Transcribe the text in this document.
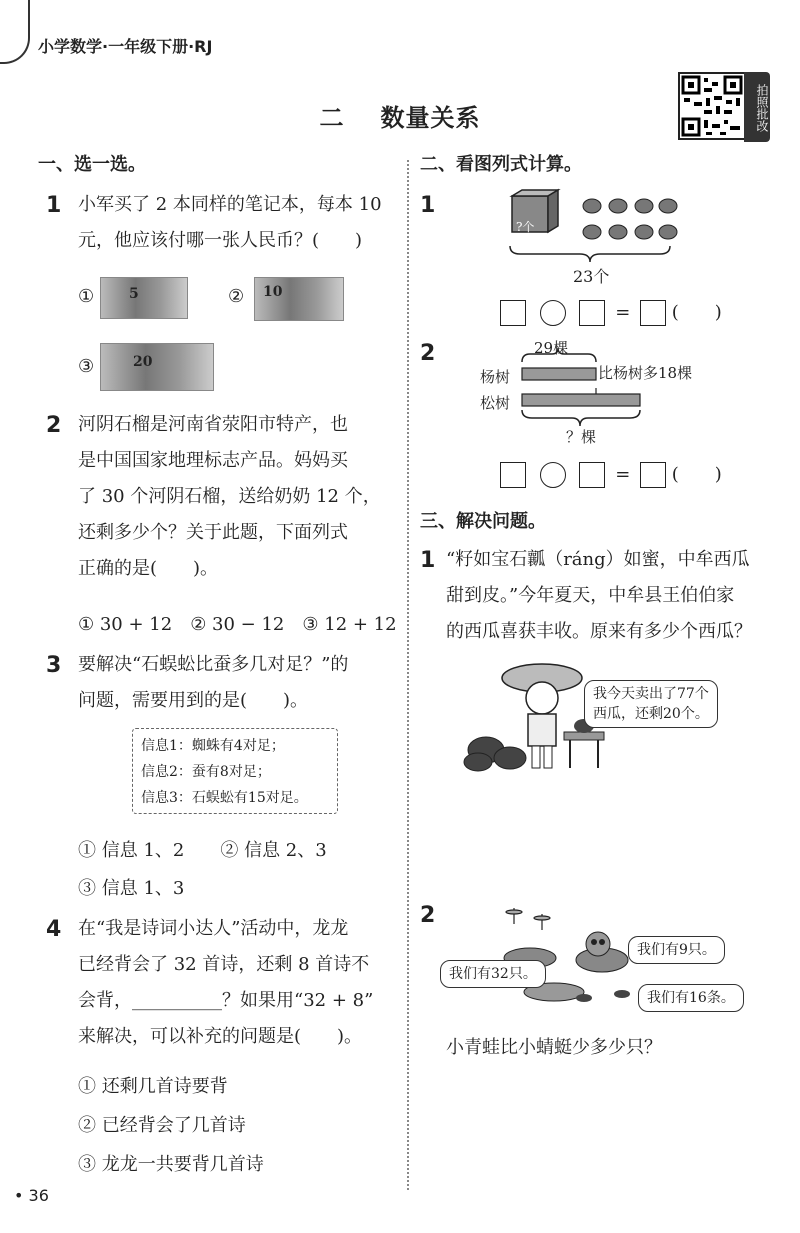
小学数学·一年级下册·RJ
二 数量关系	拍照批改
一、选一选。
1 小军买了 2 本同样的笔记本，每本 10
元，他应该付哪一张人民币？(　　)
① 5	② 10
③	20
2 河阴石榴是河南省荥阳市特产，也
是中国国家地理标志产品。妈妈买
了 30 个河阴石榴，送给奶奶 12 个，
还剩多少个？关于此题，下面列式
正确的是(　　)。
① 30 + 12　② 30 − 12　③ 12 + 12
3 要解决“石蜈蚣比蚕多几对足？”的
问题，需要用到的是(　　)。
信息1：蜘蛛有4对足；
信息2：蚕有8对足；
信息3：石蜈蚣有15对足。
① 信息 1、2　　② 信息 2、3
③ 信息 1、3
4 在“我是诗词小达人”活动中，龙龙
已经背会了 32 首诗，还剩 8 首诗不
会背，__________？如果用“32 + 8”
来解决，可以补充的问题是(　　)。
① 还剩几首诗要背
② 已经背会了几首诗
③ 龙龙一共要背几首诗
二、看图列式计算。
1
?个
23个
= (　　)
2	29棵
比杨树多18棵
杨树
松树
？棵
= (　　)
三、解决问题。
1 “籽如宝石瓤（ráng）如蜜，中牟西瓜
甜到皮。”今年夏天，中牟县王伯伯家
的西瓜喜获丰收。原来有多少个西瓜？
我今天卖出了77个
西瓜，还剩20个。
2
我们有9只。
我们有32只。
我们有16条。
小青蛙比小蜻蜓少多少只？
• 36
